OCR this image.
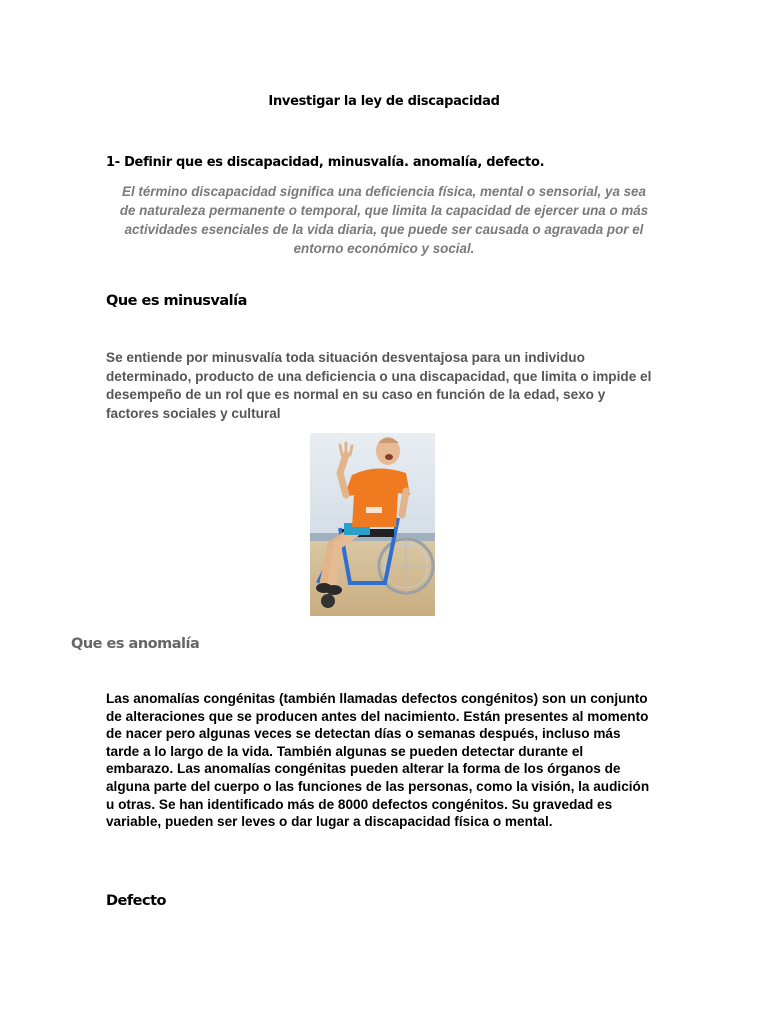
Investigar la ley de discapacidad
1- Definir que es discapacidad, minusvalía. anomalía, defecto.
El término discapacidad significa una deficiencia física, mental o sensorial, ya sea
de naturaleza permanente o temporal, que limita la capacidad de ejercer una o más
actividades esenciales de la vida diaria, que puede ser causada o agravada por el
entorno económico y social.
Que es minusvalía
Se entiende por minusvalía toda situación desventajosa para un individuo
determinado, producto de una deficiencia o una discapacidad, que limita o impide el
desempeño de un rol que es normal en su caso en función de la edad, sexo y
factores sociales y cultural
Que es anomalía
Las anomalías congénitas (también llamadas defectos congénitos) son un conjunto
de alteraciones que se producen antes del nacimiento. Están presentes al momento
de nacer pero algunas veces se detectan días o semanas después, incluso más
tarde a lo largo de la vida. También algunas se pueden detectar durante el
embarazo. Las anomalías congénitas pueden alterar la forma de los órganos de
alguna parte del cuerpo o las funciones de las personas, como la visión, la audición
u otras. Se han identificado más de 8000 defectos congénitos. Su gravedad es
variable, pueden ser leves o dar lugar a discapacidad física o mental.
Defecto
